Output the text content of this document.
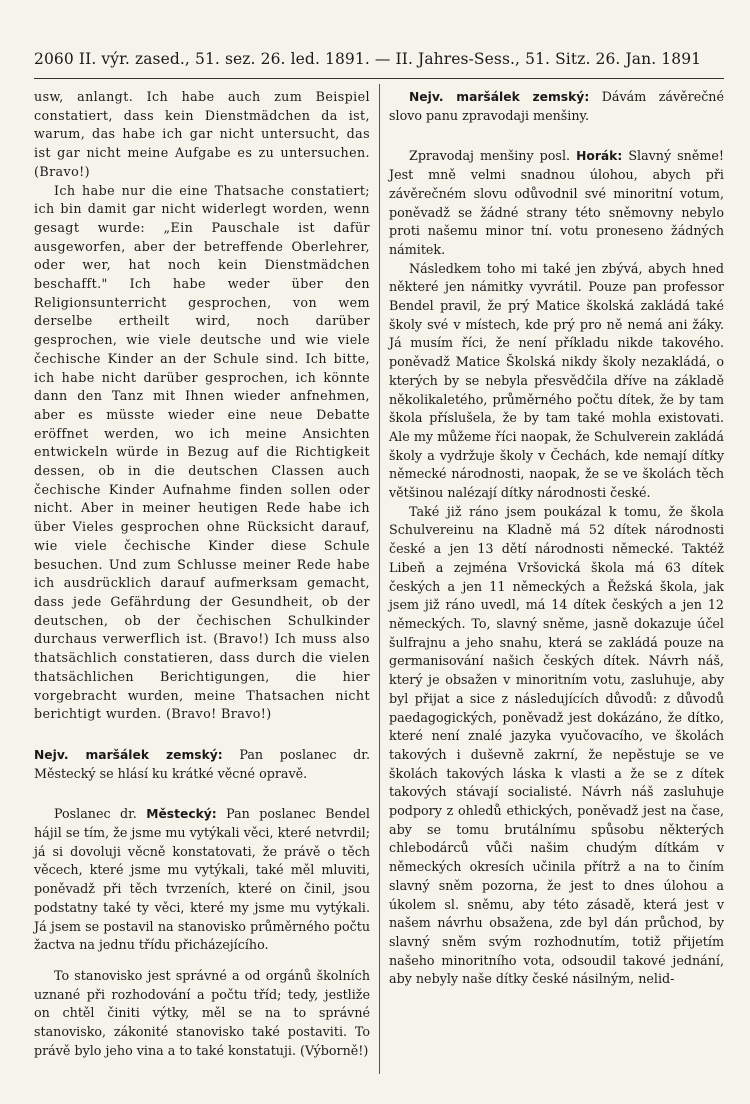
2060 II. výr. zased., 51. sez. 26. led. 1891. — II. Jahres-Sess., 51. Sitz. 26. Jan. 1891

usw, anlangt. Ich habe auch zum Beispiel constatiert, dass kein Dienstmädchen da ist, warum, das habe ich gar nicht untersucht, das ist gar nicht meine Aufgabe es zu untersuchen. (Bravo!)

Ich habe nur die eine Thatsache constatiert; ich bin damit gar nicht widerlegt worden, wenn gesagt wurde: „Ein Pauschale ist dafür ausgeworfen, aber der betreffende Oberlehrer, oder wer, hat noch kein Dienstmädchen beschafft." Ich habe weder über den Religionsunterricht gesprochen, von wem derselbe ertheilt wird, noch darüber gesprochen, wie viele deutsche und wie viele čechische Kinder an der Schule sind. Ich bitte, ich habe nicht darüber gesprochen, ich könnte dann den Tanz mit Ihnen wieder anfnehmen, aber es müsste wieder eine neue Debatte eröffnet werden, wo ich meine Ansichten entwickeln würde in Bezug auf die Richtigkeit dessen, ob in die deutschen Classen auch čechische Kinder Aufnahme finden sollen oder nicht. Aber in meiner heutigen Rede habe ich über Vieles gesprochen ohne Rücksicht darauf, wie viele čechische Kinder diese Schule besuchen. Und zum Schlusse meiner Rede habe ich ausdrücklich darauf aufmerksam gemacht, dass jede Gefährdung der Gesundheit, ob der deutschen, ob der čechischen Schulkinder durchaus verwerflich ist. (Bravo!) Ich muss also thatsächlich constatieren, dass durch die vielen thatsächlichen Berichtigungen, die hier vorgebracht wurden, meine Thatsachen nicht berichtigt wurden. (Bravo! Bravo!)

Nejv. maršálek zemský: Pan poslanec dr. Městecký se hlásí ku krátké věcné opravě.

Poslanec dr. Městecký: Pan poslanec Bendel hájil se tím, že jsme mu vytýkali věci, které netvrdil; já si dovoluji věcně konstatovati, že právě o těch věcech, které jsme mu vytýkali, také měl mluviti, poněvadž při těch tvrzeních, které on činil, jsou podstatny také ty věci, které my jsme mu vytýkali. Já jsem se postavil na stanovisko průměrného počtu žactva na jednu třídu přicházejícího.

To stanovisko jest správné a od orgánů školních uznané při rozhodování a počtu tříd; tedy, jestliže on chtěl činiti výtky, měl se na to správné stanovisko, zákonité stanovisko také postaviti. To právě bylo jeho vina a to také konstatuji. (Výborně!)

Nejv. maršálek zemský: Dávám závěrečné slovo panu zpravodaji menšiny.

Zpravodaj menšiny posl. Horák: Slavný sněme! Jest mně velmi snadnou úlohou, abych při závěrečném slovu odůvodnil své minoritní votum, poněvadž se žádné strany této sněmovny nebylo proti našemu minor tní. votu proneseno žádných námitek.

Následkem toho mi také jen zbývá, abych hned některé jen námitky vyvrátil. Pouze pan professor Bendel pravil, že prý Matice školská zakládá také školy své v místech, kde prý pro ně nemá ani žáky. Já musím říci, že není příkladu nikde takového. poněvadž Matice Školská nikdy školy nezakládá, o kterých by se nebyla přesvědčila dříve na základě několikaletého, průměrného počtu dítek, že by tam škola příslušela, že by tam také mohla existovati. Ale my můžeme říci naopak, že Schulverein zakládá školy a vydržuje školy v Čechách, kde nemají dítky německé národnosti, naopak, že se ve školách těch většinou nalézají dítky národnosti české.

Také již ráno jsem poukázal k tomu, že škola Schulvereinu na Kladně má 52 dítek národnosti české a jen 13 dětí národnosti německé. Taktéž Libeň a zejména Vršovická škola má 63 dítek českých a jen 11 německých a Řežská škola, jak jsem již ráno uvedl, má 14 dítek českých a jen 12 německých. To, slavný sněme, jasně dokazuje účel šulfrajnu a jeho snahu, která se zakládá pouze na germanisování našich českých dítek. Návrh náš, který je obsažen v minoritním votu, zasluhuje, aby byl přijat a sice z následujících důvodů: z důvodů paedagogických, poněvadž jest dokázáno, že dítko, které není znalé jazyka vyučovacího, ve školách takových i duševně zakrní, že nepěstuje se ve školách takových láska k vlasti a že se z dítek takových stávají socialisté. Návrh náš zasluhuje podpory z ohledů ethických, poněvadž jest na čase, aby se tomu brutálnímu spůsobu některých chlebodárců vůči našim chudým dítkám v německých okresích učinila přítrž a na to činím slavný sněm pozorna, že jest to dnes úlohou a úkolem sl. sněmu, aby této zásadě, která jest v našem návrhu obsažena, zde byl dán průchod, by slavný sněm svým rozhodnutím, totiž přijetím našeho minoritního vota, odsoudil takové jednání, aby nebyly naše dítky české násilným, nelid-
